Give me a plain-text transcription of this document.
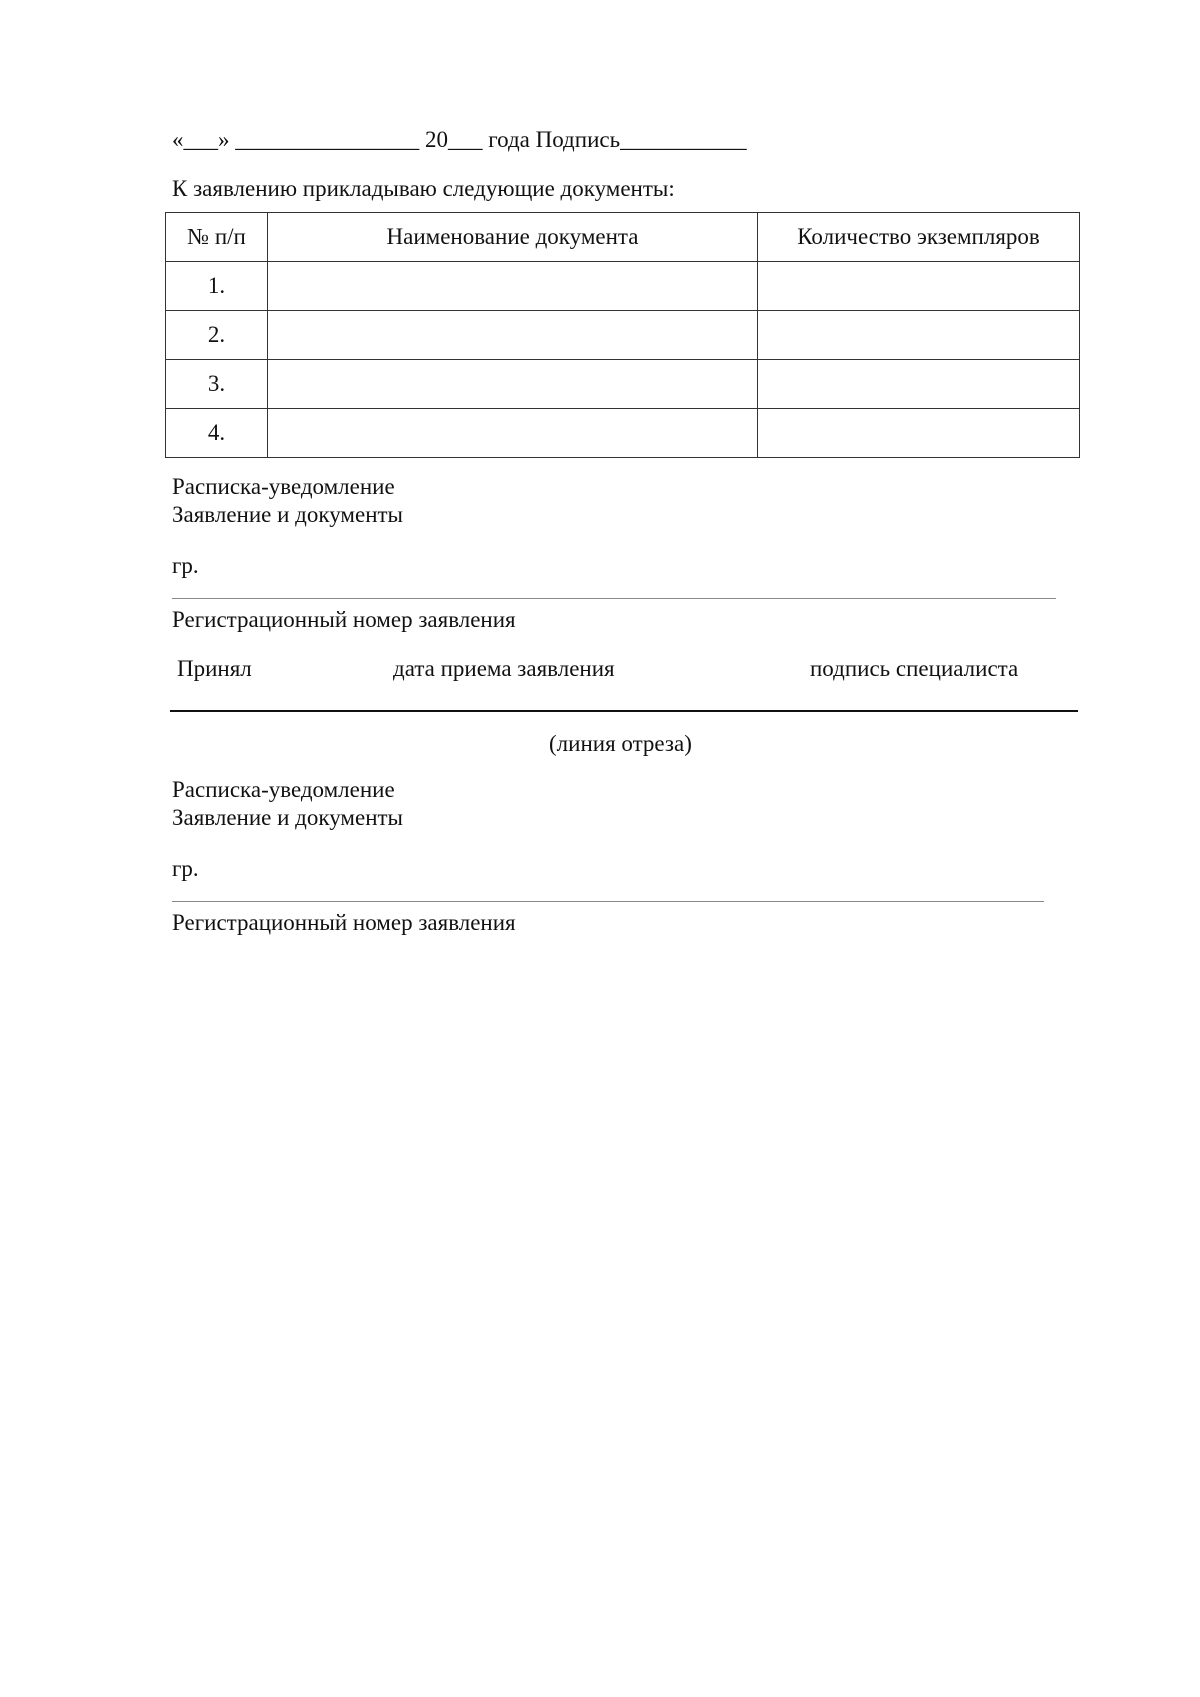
«___» ________________ 20___ года Подпись___________
К заявлению прикладываю следующие документы:
№ п/п	Наименование документа	Количество экземпляров
1.		
2.		
3.		
4.		
Расписка-уведомление
Заявление и документы
гр.
Регистрационный номер заявления
Принял	дата приема заявления	подпись специалиста
(линия отреза)
Расписка-уведомление
Заявление и документы
гр.
Регистрационный номер заявления
